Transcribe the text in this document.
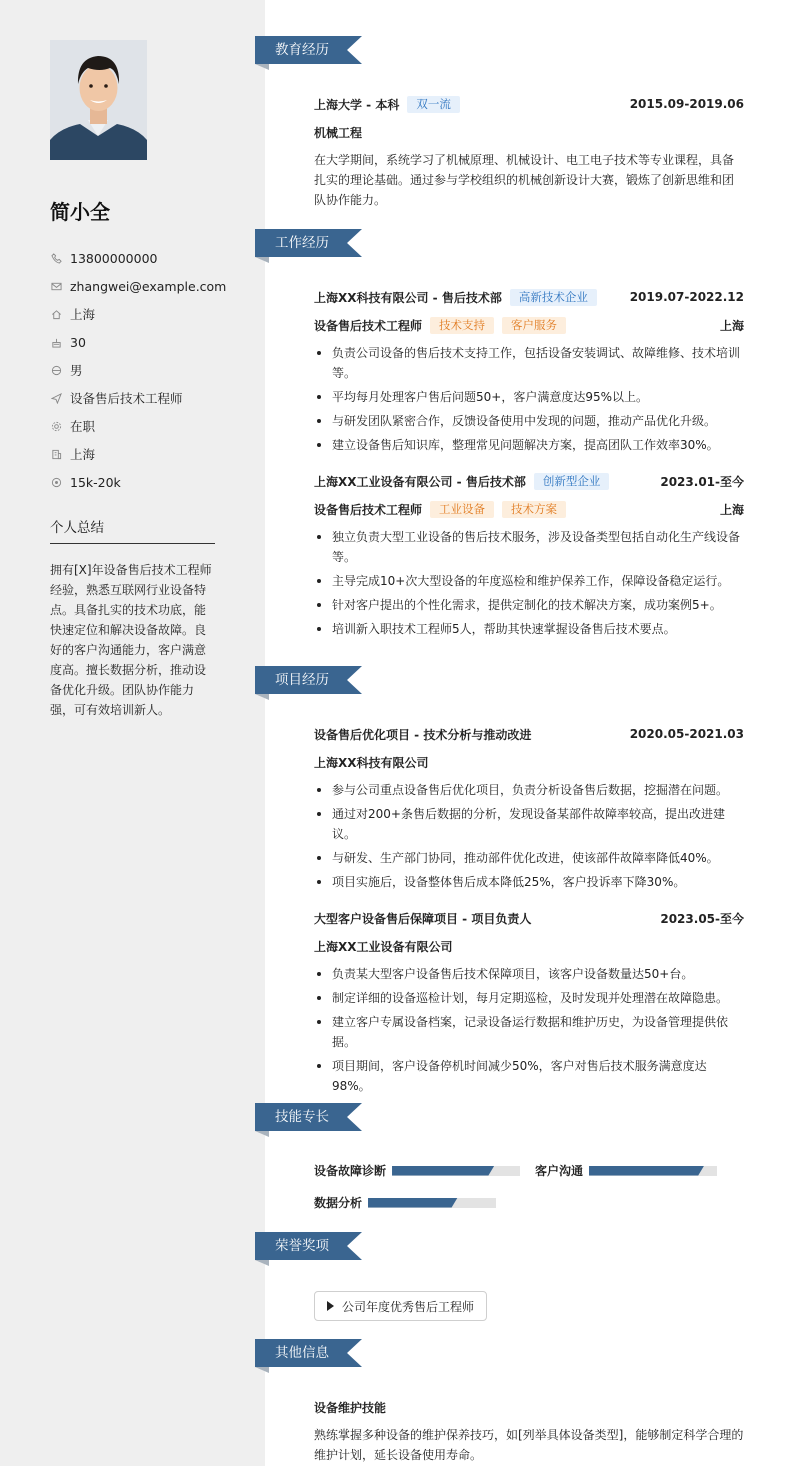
简小全
13800000000
zhangwei@example.com
上海
30
男
设备售后技术工程师
在职
上海
15k-20k
个人总结
拥有[X]年设备售后技术工程师经验，熟悉互联网行业设备特点。具备扎实的技术功底，能快速定位和解决设备故障。良好的客户沟通能力，客户满意度高。擅长数据分析，推动设备优化升级。团队协作能力强，可有效培训新人。
教育经历
上海大学 - 本科	双一流	2015.09-2019.06
机械工程
在大学期间，系统学习了机械原理、机械设计、电工电子技术等专业课程，具备扎实的理论基础。通过参与学校组织的机械创新设计大赛，锻炼了创新思维和团队协作能力。
工作经历
上海XX科技有限公司 - 售后技术部	高新技术企业	2019.07-2022.12
设备售后技术工程师	技术支持	客户服务	上海
负责公司设备的售后技术支持工作，包括设备安装调试、故障维修、技术培训等。
平均每月处理客户售后问题50+，客户满意度达95%以上。
与研发团队紧密合作，反馈设备使用中发现的问题，推动产品优化升级。
建立设备售后知识库，整理常见问题解决方案，提高团队工作效率30%。
上海XX工业设备有限公司 - 售后技术部	创新型企业	2023.01-至今
设备售后技术工程师	工业设备	技术方案	上海
独立负责大型工业设备的售后技术服务，涉及设备类型包括自动化生产线设备等。
主导完成10+次大型设备的年度巡检和维护保养工作，保障设备稳定运行。
针对客户提出的个性化需求，提供定制化的技术解决方案，成功案例5+。
培训新入职技术工程师5人，帮助其快速掌握设备售后技术要点。
项目经历
设备售后优化项目 - 技术分析与推动改进	2020.05-2021.03
上海XX科技有限公司
参与公司重点设备售后优化项目，负责分析设备售后数据，挖掘潜在问题。
通过对200+条售后数据的分析，发现设备某部件故障率较高，提出改进建议。
与研发、生产部门协同，推动部件优化改进，使该部件故障率降低40%。
项目实施后，设备整体售后成本降低25%，客户投诉率下降30%。
大型客户设备售后保障项目 - 项目负责人	2023.05-至今
上海XX工业设备有限公司
负责某大型客户设备售后技术保障项目，该客户设备数量达50+台。
制定详细的设备巡检计划，每月定期巡检，及时发现并处理潜在故障隐患。
建立客户专属设备档案，记录设备运行数据和维护历史，为设备管理提供依据。
项目期间，客户设备停机时间减少50%，客户对售后技术服务满意度达98%。
技能专长
设备故障诊断	客户沟通
数据分析
荣誉奖项
公司年度优秀售后工程师
其他信息
设备维护技能
熟练掌握多种设备的维护保养技巧，如[列举具体设备类型]，能够制定科学合理的维护计划，延长设备使用寿命。
